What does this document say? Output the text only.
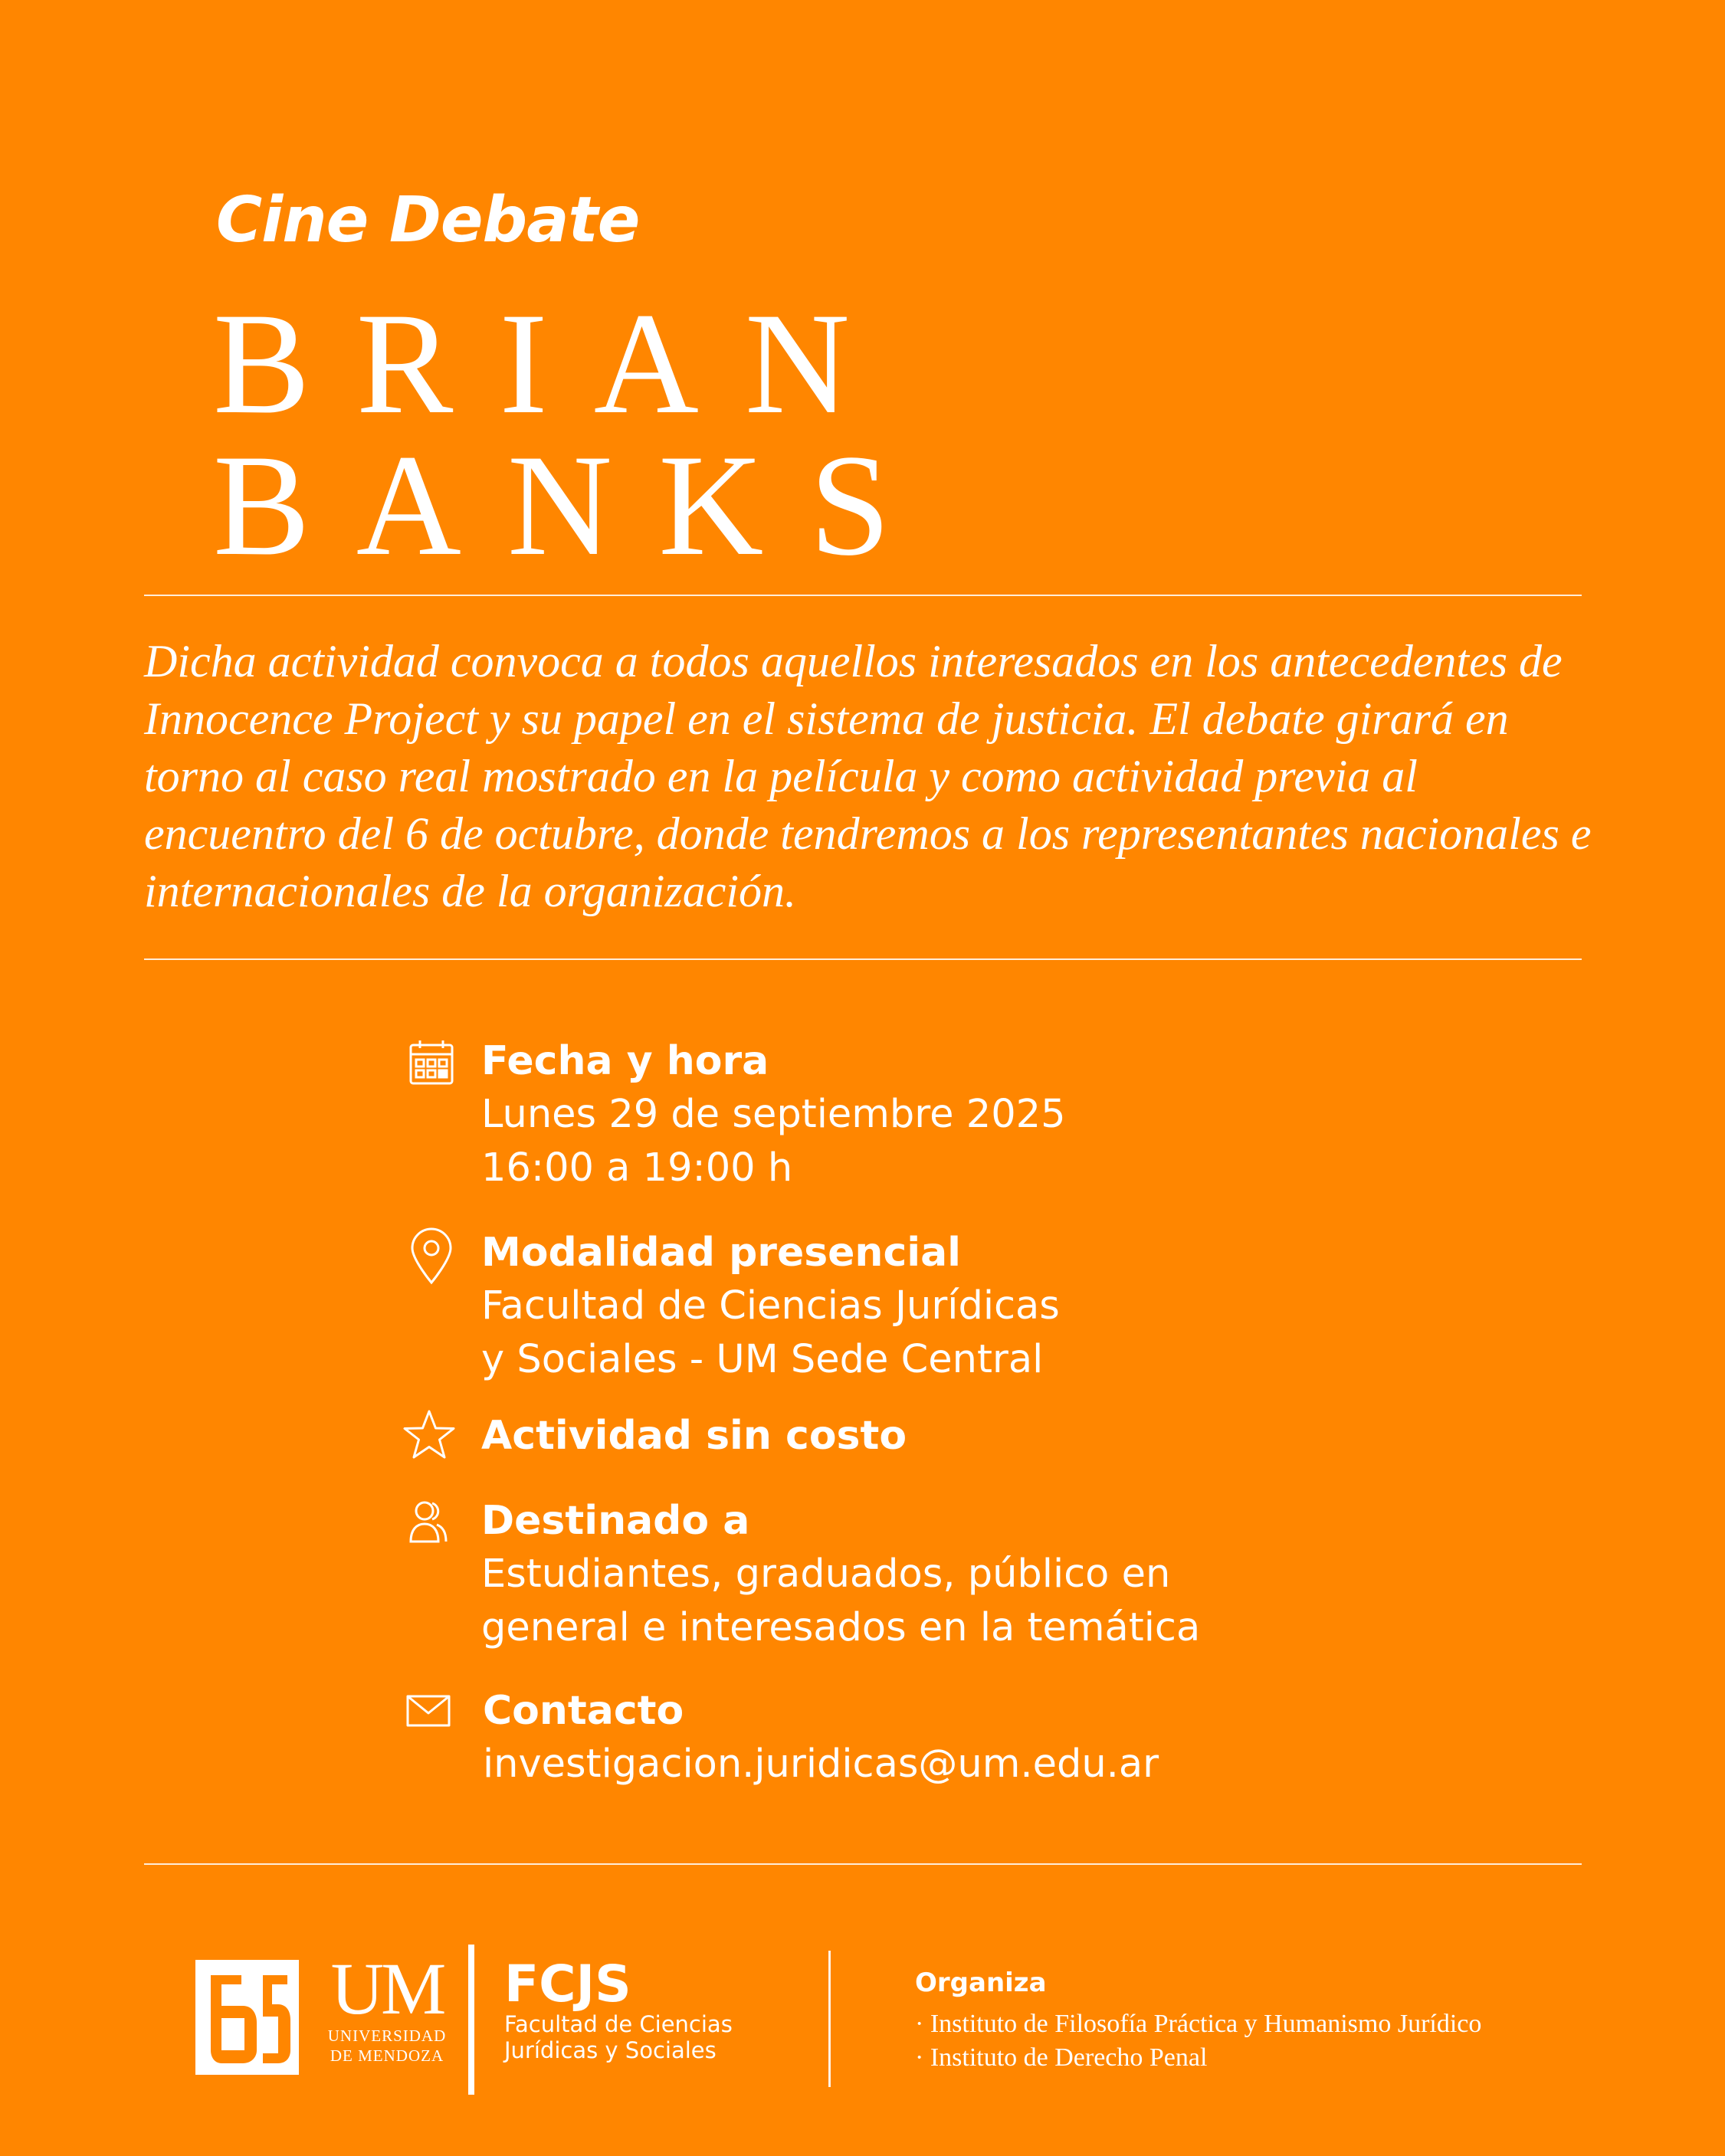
Cine Debate
BRIAN
BANKS
Dicha actividad convoca a todos aquellos interesados en los antecedentes de Innocence Project y su papel en el sistema de justicia. El debate girará en torno al caso real mostrado en la película y como actividad previa al encuentro del 6 de octubre, donde tendremos a los representantes nacionales e internacionales de la organización.
Fecha y hora
Lunes 29 de septiembre 2025
16:00 a 19:00 h
Modalidad presencial
Facultad de Ciencias Jurídicas
y Sociales - UM Sede Central
Actividad sin costo
Destinado a
Estudiantes, graduados, público en
general e interesados en la temática
Contacto
investigacion.juridicas@um.edu.ar
UM
UNIVERSIDAD
DE MENDOZA
FCJS
Facultad de Ciencias
Jurídicas y Sociales
Organiza
· Instituto de Filosofía Práctica y Humanismo Jurídico
· Instituto de Derecho Penal
